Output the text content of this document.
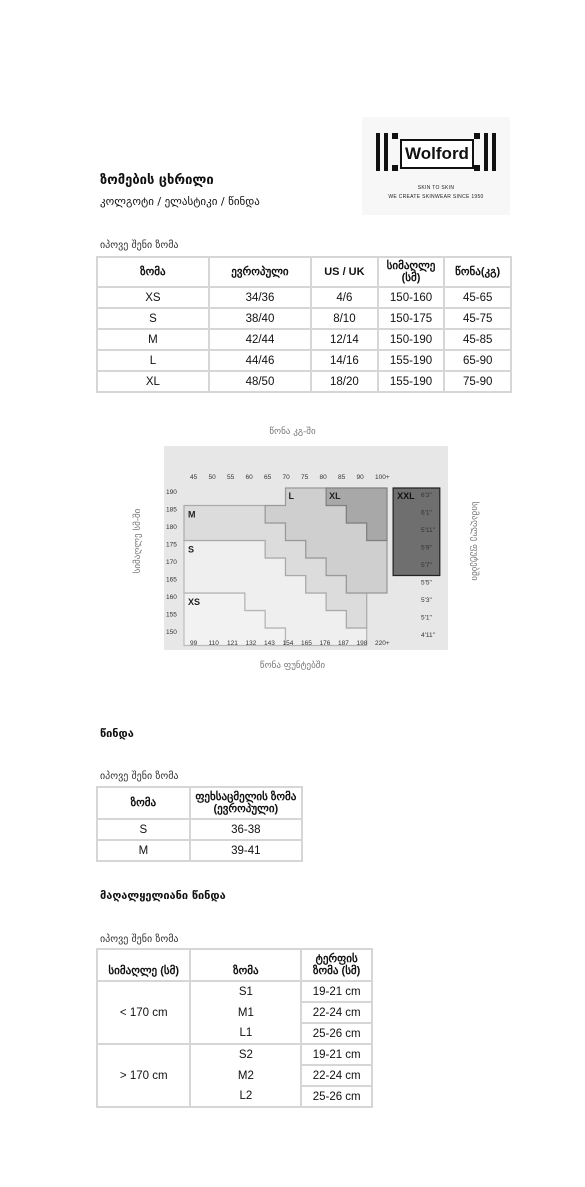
Wolford
SKIN TO SKIN
WE CREATE SKINWEAR SINCE 1950
ზომების ცხრილი
კოლგოტი / ელასტიკი / წინდა
იპოვე შენი ზომა
ზომა	ევროპული	US / UK	სიმაღლე (სმ)	წონა(კგ)
XS	34/36	4/6	150-160	45-65
S	38/40	8/10	150-175	45-75
M	42/44	12/14	150-190	45-85
L	44/46	14/16	155-190	65-90
XL	48/50	18/20	155-190	75-90
წონა კგ-ში
წონა ფუნტებში
სიმაღლე სმ-ში	სიმაღლე ფუტებში
45 50 55 60 65 70 75 80 85 90 100+
99 110 121 132 143 154 165 176 187 198 220+
190
185
180
175
170
165
160
155
150
6'3"
6'1"
5'11"
5'9"
5'7"
5'5"
5'3"
5'1"
4'11"
M
S
XS
L	XL	XXL
წინდა
იპოვე შენი ზომა
ზომა	ფეხსაცმელის ზომა (ევროპული)
S	36-38
M	39-41
მაღალყელიანი წინდა
იპოვე შენი ზომა
სიმაღლე (სმ)	ზომა	ტერფის ზომა (სმ)
< 170 cm	S1	19-21 cm
	M1	22-24 cm
	L1	25-26 cm
> 170 cm	S2	19-21 cm
	M2	22-24 cm
	L2	25-26 cm
